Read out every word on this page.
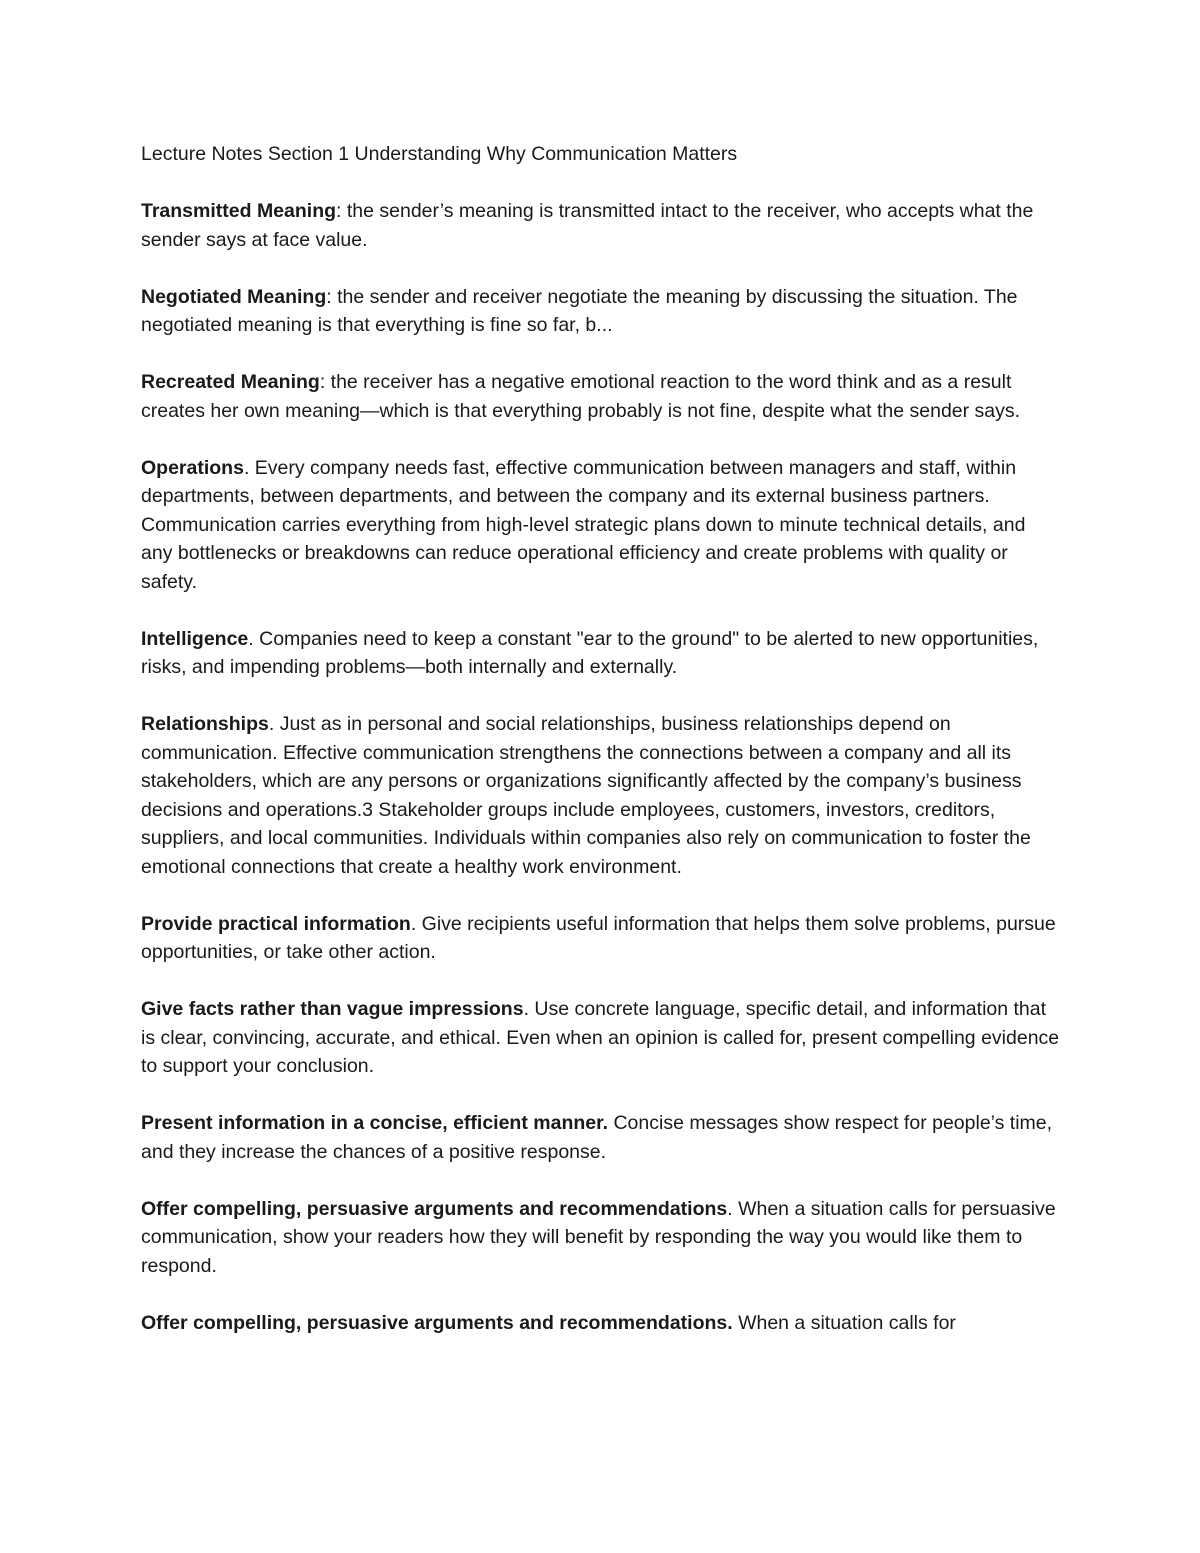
Lecture Notes Section 1 Understanding Why Communication Matters

Transmitted Meaning: the sender’s meaning is transmitted intact to the receiver, who accepts what the sender says at face value.

Negotiated Meaning: the sender and receiver negotiate the meaning by discussing the situation. The negotiated meaning is that everything is fine so far, b...

Recreated Meaning: the receiver has a negative emotional reaction to the word think and as a result creates her own meaning—which is that everything probably is not fine, despite what the sender says.

Operations. Every company needs fast, effective communication between managers and staff, within departments, between departments, and between the company and its external business partners. Communication carries everything from high-level strategic plans down to minute technical details, and any bottlenecks or breakdowns can reduce operational efficiency and create problems with quality or safety.

Intelligence. Companies need to keep a constant "ear to the ground" to be alerted to new opportunities, risks, and impending problems—both internally and externally.

Relationships. Just as in personal and social relationships, business relationships depend on communication. Effective communication strengthens the connections between a company and all its stakeholders, which are any persons or organizations significantly affected by the company’s business decisions and operations.3 Stakeholder groups include employees, customers, investors, creditors, suppliers, and local communities. Individuals within companies also rely on communication to foster the emotional connections that create a healthy work environment.

Provide practical information. Give recipients useful information that helps them solve problems, pursue opportunities, or take other action.

Give facts rather than vague impressions. Use concrete language, specific detail, and information that is clear, convincing, accurate, and ethical. Even when an opinion is called for, present compelling evidence to support your conclusion.

Present information in a concise, efficient manner. Concise messages show respect for people’s time, and they increase the chances of a positive response.

Offer compelling, persuasive arguments and recommendations. When a situation calls for persuasive communication, show your readers how they will benefit by responding the way you would like them to respond.

Offer compelling, persuasive arguments and recommendations. When a situation calls for
